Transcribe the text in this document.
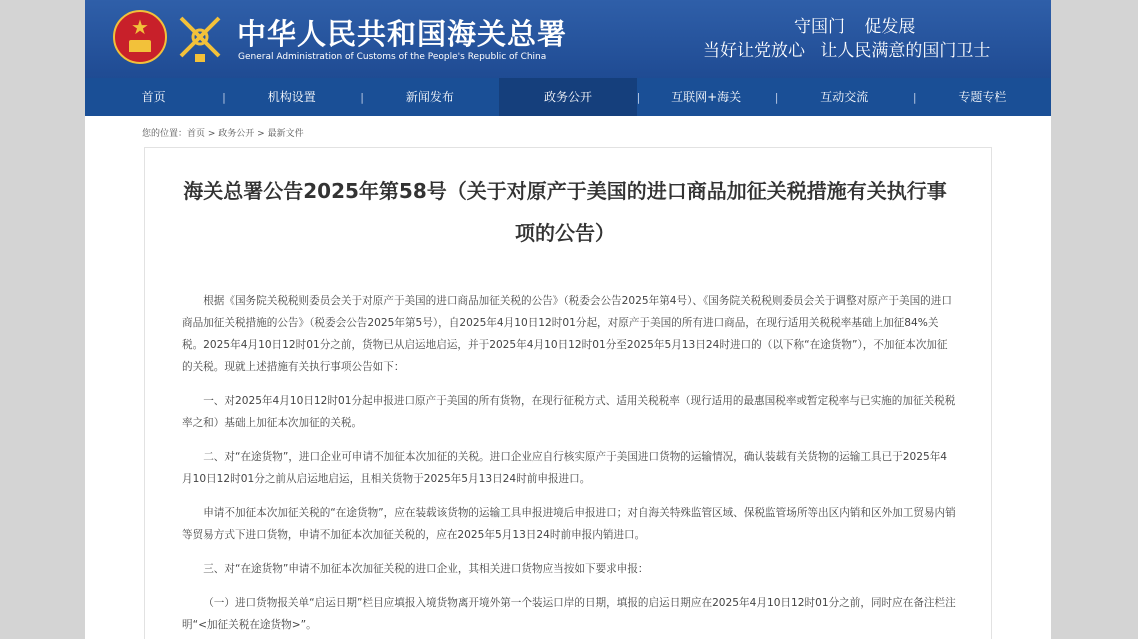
★	中华人民共和国海关总署
General Administration of Customs of the People's Republic of China
守国门 促发展
当好让党放心 让人民满意的国门卫士
首页	|	机构设置	|	新闻发布	政务公开	|	互联网+海关	|	互动交流	|	专题专栏
您的位置：首页 > 政务公开 > 最新文件
海关总署公告2025年第58号（关于对原产于美国的进口商品加征关税措施有关执行事项的公告）

根据《国务院关税税则委员会关于对原产于美国的进口商品加征关税的公告》（税委会公告2025年第4号）、《国务院关税税则委员会关于调整对原产于美国的进口商品加征关税措施的公告》（税委会公告2025年第5号），自2025年4月10日12时01分起，对原产于美国的所有进口商品，在现行适用关税税率基础上加征84%关税。2025年4月10日12时01分之前，货物已从启运地启运，并于2025年4月10日12时01分至2025年5月13日24时进口的（以下称“在途货物”），不加征本次加征的关税。现就上述措施有关执行事项公告如下：

一、对2025年4月10日12时01分起申报进口原产于美国的所有货物，在现行征税方式、适用关税税率（现行适用的最惠国税率或暂定税率与已实施的加征关税税率之和）基础上加征本次加征的关税。

二、对“在途货物”，进口企业可申请不加征本次加征的关税。进口企业应自行核实原产于美国进口货物的运输情况，确认装载有关货物的运输工具已于2025年4月10日12时01分之前从启运地启运，且相关货物于2025年5月13日24时前申报进口。

申请不加征本次加征关税的“在途货物”，应在装载该货物的运输工具申报进境后申报进口；对自海关特殊监管区域、保税监管场所等出区内销和区外加工贸易内销等贸易方式下进口货物，申请不加征本次加征关税的，应在2025年5月13日24时前申报内销进口。

三、对“在途货物”申请不加征本次加征关税的进口企业，其相关进口货物应当按如下要求申报：

（一）进口货物报关单“启运日期”栏目应填报入境货物离开境外第一个装运口岸的日期，填报的启运日期应在2025年4月10日12时01分之前，同时应在备注栏注明“<加征关税在途货物>”。
